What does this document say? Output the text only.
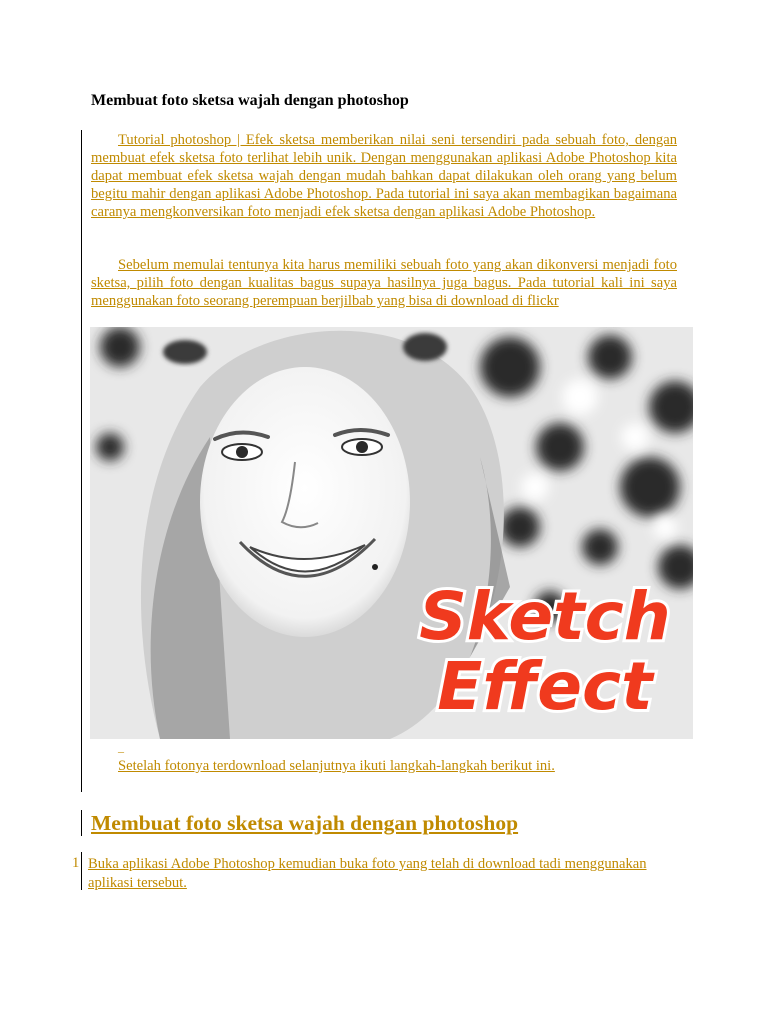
Membuat foto sketsa wajah dengan photoshop
Tutorial photoshop | Efek sketsa memberikan nilai seni tersendiri pada sebuah foto, dengan membuat efek sketsa foto terlihat lebih unik. Dengan menggunakan aplikasi Adobe Photoshop kita dapat membuat efek sketsa wajah dengan mudah bahkan dapat dilakukan oleh orang yang belum begitu mahir dengan aplikasi Adobe Photoshop. Pada tutorial ini saya akan membagikan bagaimana caranya mengkonversikan foto menjadi efek sketsa dengan aplikasi Adobe Photoshop.
Sebelum memulai tentunya kita harus memiliki sebuah foto yang akan dikonversi menjadi foto sketsa, pilih foto dengan kualitas bagus supaya hasilnya juga bagus. Pada tutorial kali ini saya menggunakan foto seorang perempuan berjilbab yang bisa di download di flickr
Sketch
Effect
_
Setelah fotonya terdownload selanjutnya ikuti langkah-langkah berikut ini.
Membuat foto sketsa wajah dengan photoshop
1 Buka aplikasi Adobe Photoshop kemudian buka foto yang telah di download tadi menggunakan aplikasi tersebut.
